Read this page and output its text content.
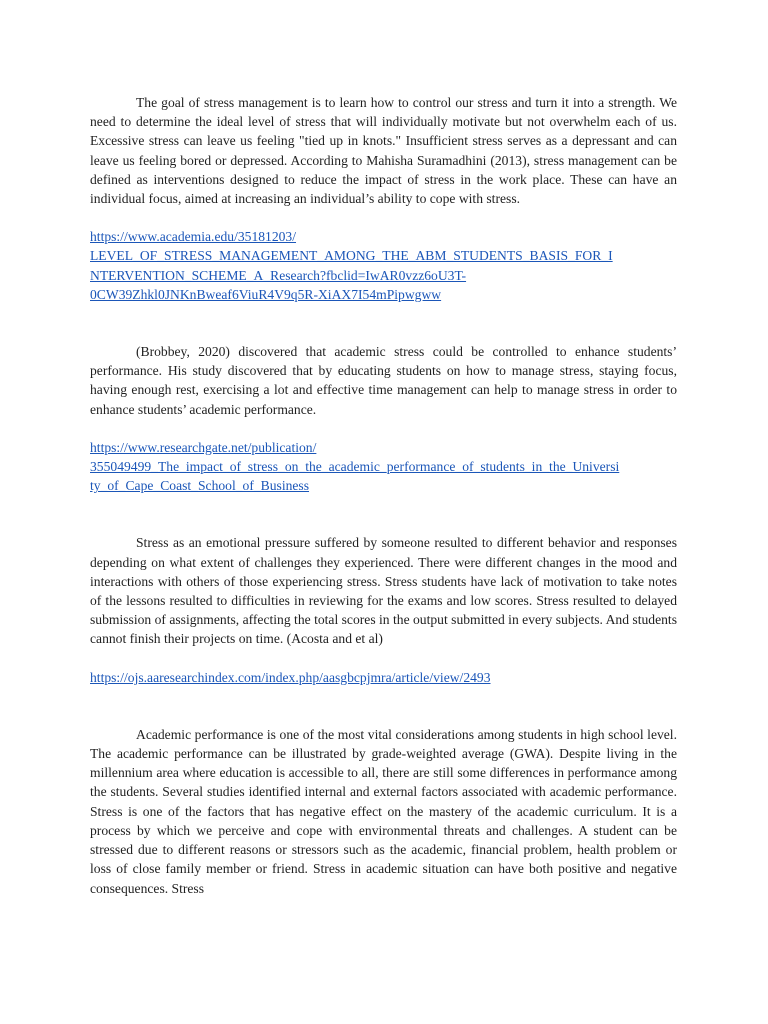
The goal of stress management is to learn how to control our stress and turn it into a strength. We need to determine the ideal level of stress that will individually motivate but not overwhelm each of us. Excessive stress can leave us feeling "tied up in knots." Insufficient stress serves as a depressant and can leave us feeling bored or depressed. According to Mahisha Suramadhini (2013), stress management can be defined as interventions designed to reduce the impact of stress in the work place. These can have an individual focus, aimed at increasing an individual’s ability to cope with stress.

https://www.academia.edu/35181203/
LEVEL_OF_STRESS_MANAGEMENT_AMONG_THE_ABM_STUDENTS_BASIS_FOR_I
NTERVENTION_SCHEME_A_Research?fbclid=IwAR0vzz6oU3T-
0CW39Zhkl0JNKnBweaf6ViuR4V9q5R-XiAX7I54mPipwgww

(Brobbey, 2020) discovered that academic stress could be controlled to enhance students’ performance. His study discovered that by educating students on how to manage stress, staying focus, having enough rest, exercising a lot and effective time management can help to manage stress in order to enhance students’ academic performance.

https://www.researchgate.net/publication/
355049499_The_impact_of_stress_on_the_academic_performance_of_students_in_the_Universi
ty_of_Cape_Coast_School_of_Business

Stress as an emotional pressure suffered by someone resulted to different behavior and responses depending on what extent of challenges they experienced. There were different changes in the mood and interactions with others of those experiencing stress. Stress students have lack of motivation to take notes of the lessons resulted to difficulties in reviewing for the exams and low scores. Stress resulted to delayed submission of assignments, affecting the total scores in the output submitted in every subjects. And students cannot finish their projects on time. (Acosta and et al)

https://ojs.aaresearchindex.com/index.php/aasgbcpjmra/article/view/2493

Academic performance is one of the most vital considerations among students in high school level. The academic performance can be illustrated by grade-weighted average (GWA). Despite living in the millennium area where education is accessible to all, there are still some differences in performance among the students. Several studies identified internal and external factors associated with academic performance. Stress is one of the factors that has negative effect on the mastery of the academic curriculum. It is a process by which we perceive and cope with environmental threats and challenges. A student can be stressed due to different reasons or stressors such as the academic, financial problem, health problem or loss of close family member or friend. Stress in academic situation can have both positive and negative consequences. Stress
